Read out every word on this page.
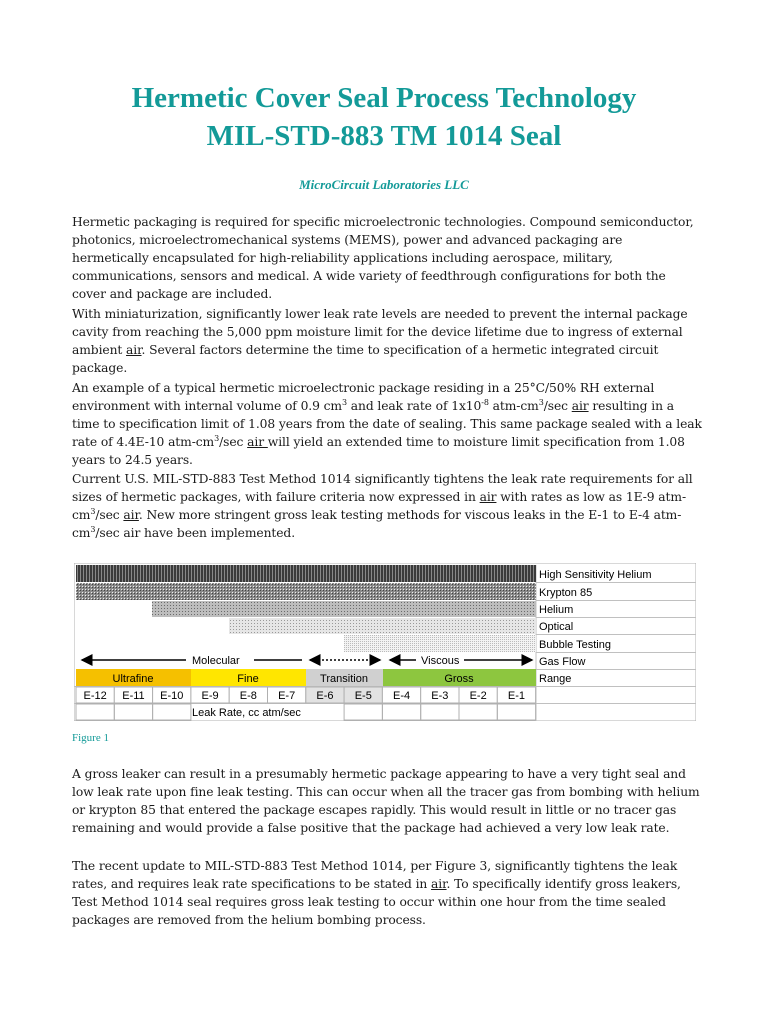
Hermetic Cover Seal Process Technology
MIL-STD-883 TM 1014 Seal
MicroCircuit Laboratories LLC

Hermetic packaging is required for specific microelectronic technologies. Compound semiconductor, photonics, microelectromechanical systems (MEMS), power and advanced packaging are hermetically encapsulated for high-reliability applications including aerospace, military, communications, sensors and medical. A wide variety of feedthrough configurations for both the cover and package are included.

With miniaturization, significantly lower leak rate levels are needed to prevent the internal package cavity from reaching the 5,000 ppm moisture limit for the device lifetime due to ingress of external ambient air. Several factors determine the time to specification of a hermetic integrated circuit package.

An example of a typical hermetic microelectronic package residing in a 25°C/50% RH external environment with internal volume of 0.9 $cm^3$ and leak rate of $1x10^{-8}$ atm-$cm^3/\sec$ air resulting in a time to specification limit of 1.08 years from the date of sealing. This same package sealed with a leak rate of 4.4E-10 atm-$cm^3/\sec$ air will yield an extended time to moisture limit specification from 1.08 years to 24.5 years.

Current U.S. MIL-STD-883 Test Method 1014 significantly tightens the leak rate requirements for all sizes of hermetic packages, with failure criteria now expressed in air with rates as low as 1E-9 atm-$cm^3/\sec$ air. New more stringent gross leak testing methods for viscous leaks in the E-1 to E-4 atm-$cm^3/\sec$ air have been implemented.

High Sensitivity Helium
Krypton 85
Helium
Optical
Bubble Testing
Gas Flow
Range
Molecular	Viscous
Ultrafine	Fine	Transition	Gross
E-12 E-11 E-10 E-9 E-8 E-7 E-6 E-5 E-4 E-3 E-2 E-1
Leak Rate, cc atm/sec
Figure 1

A gross leaker can result in a presumably hermetic package appearing to have a very tight seal and low leak rate upon fine leak testing. This can occur when all the tracer gas from bombing with helium or krypton 85 that entered the package escapes rapidly. This would result in little or no tracer gas remaining and would provide a false positive that the package had achieved a very low leak rate.

The recent update to MIL-STD-883 Test Method 1014, per Figure 3, significantly tightens the leak rates, and requires leak rate specifications to be stated in air. To specifically identify gross leakers, Test Method 1014 seal requires gross leak testing to occur within one hour from the time sealed packages are removed from the helium bombing process.
